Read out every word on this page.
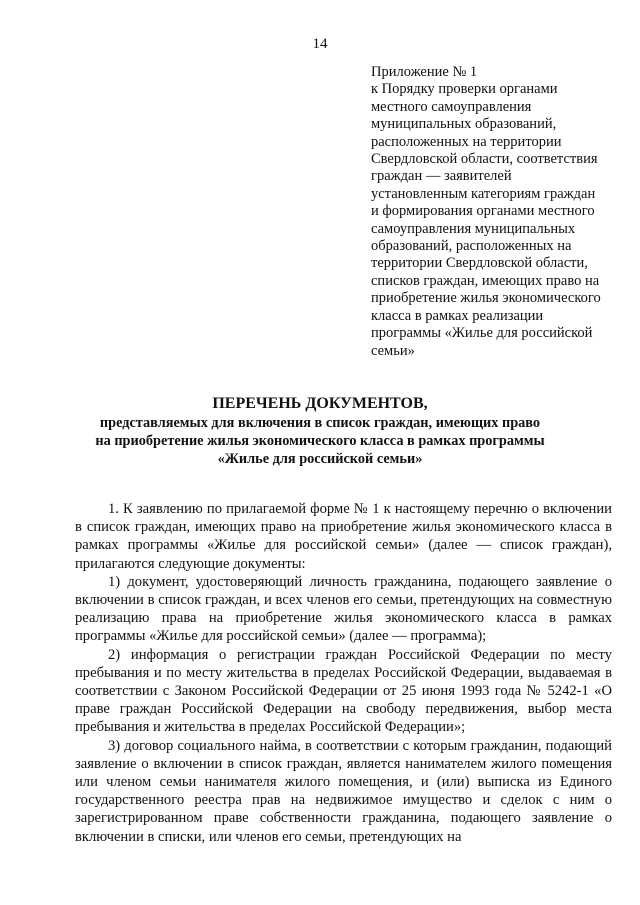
14
Приложение № 1
к Порядку проверки органами
местного самоуправления
муниципальных образований,
расположенных на территории
Свердловской области, соответствия
граждан — заявителей
установленным категориям граждан
и формирования органами местного
самоуправления муниципальных
образований, расположенных на
территории Свердловской области,
списков граждан, имеющих право на
приобретение жилья экономического
класса в рамках реализации
программы «Жилье для российской
семьи»
ПЕРЕЧЕНЬ ДОКУМЕНТОВ,
представляемых для включения в список граждан, имеющих право
на приобретение жилья экономического класса в рамках программы
«Жилье для российской семьи»

1. К заявлению по прилагаемой форме № 1 к настоящему перечню о включении в список граждан, имеющих право на приобретение жилья экономического класса в рамках программы «Жилье для российской семьи» (далее — список граждан), прилагаются следующие документы:

1) документ, удостоверяющий личность гражданина, подающего заявление о включении в список граждан, и всех членов его семьи, претендующих на совместную реализацию права на приобретение жилья экономического класса в рамках программы «Жилье для российской семьи» (далее — программа);

2) информация о регистрации граждан Российской Федерации по месту пребывания и по месту жительства в пределах Российской Федерации, выдаваемая в соответствии с Законом Российской Федерации от 25 июня 1993 года № 5242-1 «О праве граждан Российской Федерации на свободу передвижения, выбор места пребывания и жительства в пределах Российской Федерации»;

3) договор социального найма, в соответствии с которым гражданин, подающий заявление о включении в список граждан, является нанимателем жилого помещения или членом семьи нанимателя жилого помещения, и (или) выписка из Единого государственного реестра прав на недвижимое имущество и сделок с ним о зарегистрированном праве собственности гражданина, подающего заявление о включении в списки, или членов его семьи, претендующих на
